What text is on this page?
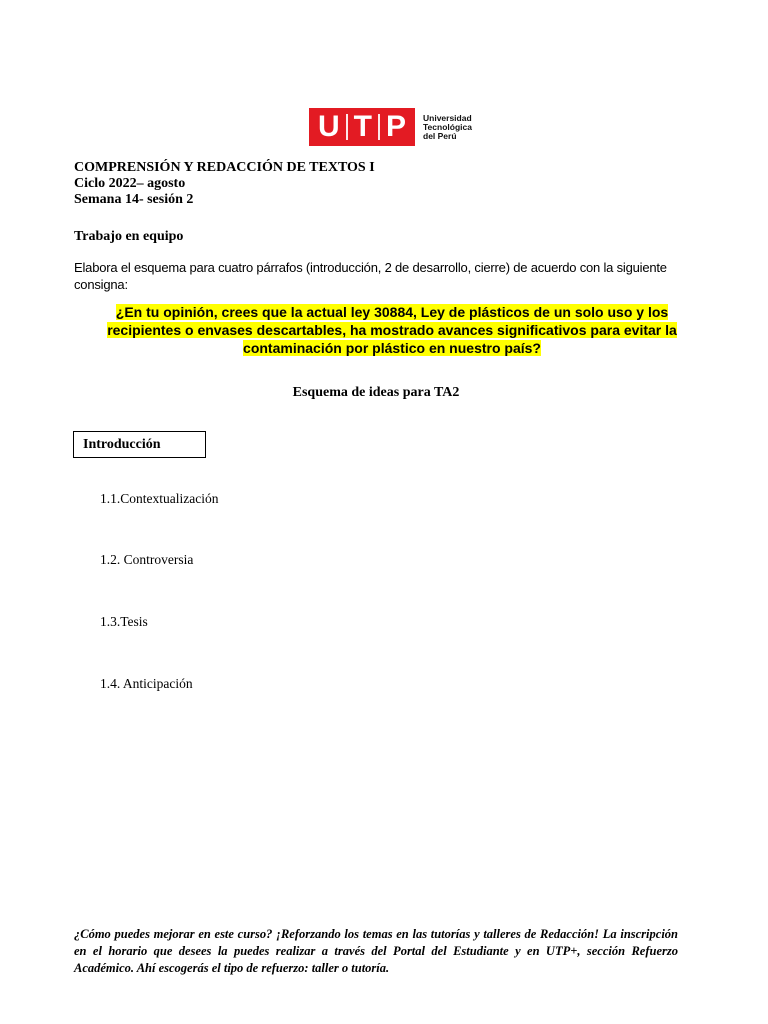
U T P Universidad
Tecnológica
del Perú
COMPRENSIÓN Y REDACCIÓN DE TEXTOS I
Ciclo 2022– agosto
Semana 14- sesión 2
Trabajo en equipo
Elabora el esquema para cuatro párrafos (introducción, 2 de desarrollo, cierre) de acuerdo con la siguiente consigna:
¿En tu opinión, crees que la actual ley 30884, Ley de plásticos de un solo uso y los recipientes o envases descartables, ha mostrado avances significativos para evitar la contaminación por plástico en nuestro país?
Esquema de ideas para TA2
Introducción
1.1.Contextualización
1.2. Controversia
1.3.Tesis
1.4. Anticipación
¿Cómo puedes mejorar en este curso? ¡Reforzando los temas en las tutorías y talleres de Redacción! La inscripción en el horario que desees la puedes realizar a través del Portal del Estudiante y en UTP+, sección Refuerzo Académico. Ahí escogerás el tipo de refuerzo: taller o tutoría.
